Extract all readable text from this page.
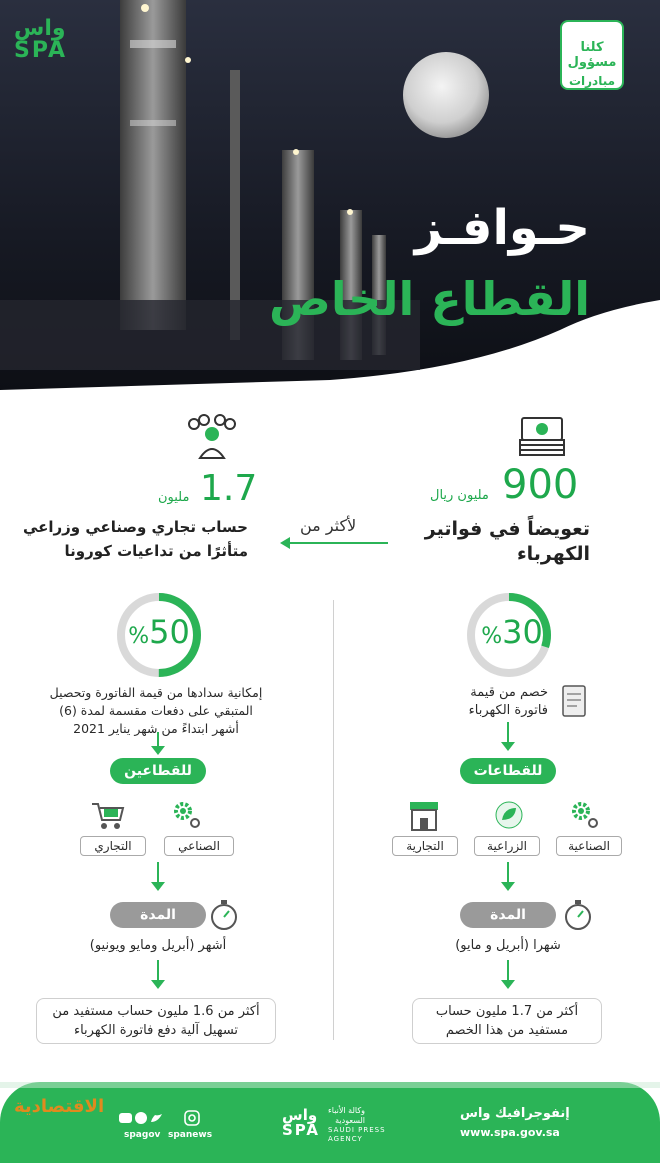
واس
SPA	كلنا مسؤول
مبادرات
حـوافـز
القطاع الخاص
900
مليون ريال
تعويضاً في فواتير
الكهرباء
1.7
مليون
حساب تجاري وصناعي وزراعي
متأثرًا من تداعيات كورونا
لأكثر من
%30
خصم من قيمة
فاتورة الكهرباء
للقطاعات
الصناعية
الزراعية
التجارية
المدة
شهرا (أبريل و مايو)
أكثر من 1.7 مليون حساب
مستفيد من هذا الخصم
%50
إمكانية سدادها من قيمة الفاتورة وتحصيل
المتبقي على دفعات مقسمة لمدة (6)
أشهر ابتداءً من شهر يناير 2021
للقطاعين
الصناعي
التجاري
المدة
أشهر (أبريل ومايو ويونيو)
أكثر من 1.6 مليون حساب مستفيد من
تسهيل آلية دفع فاتورة الكهرباء
إنفوجرافيك واس
www.spa.gov.sa
واس
SPA
وكالة الأنباء
السعودية
SAUDI PRESS
AGENCY
spanews
spagov
الاقتصادية
